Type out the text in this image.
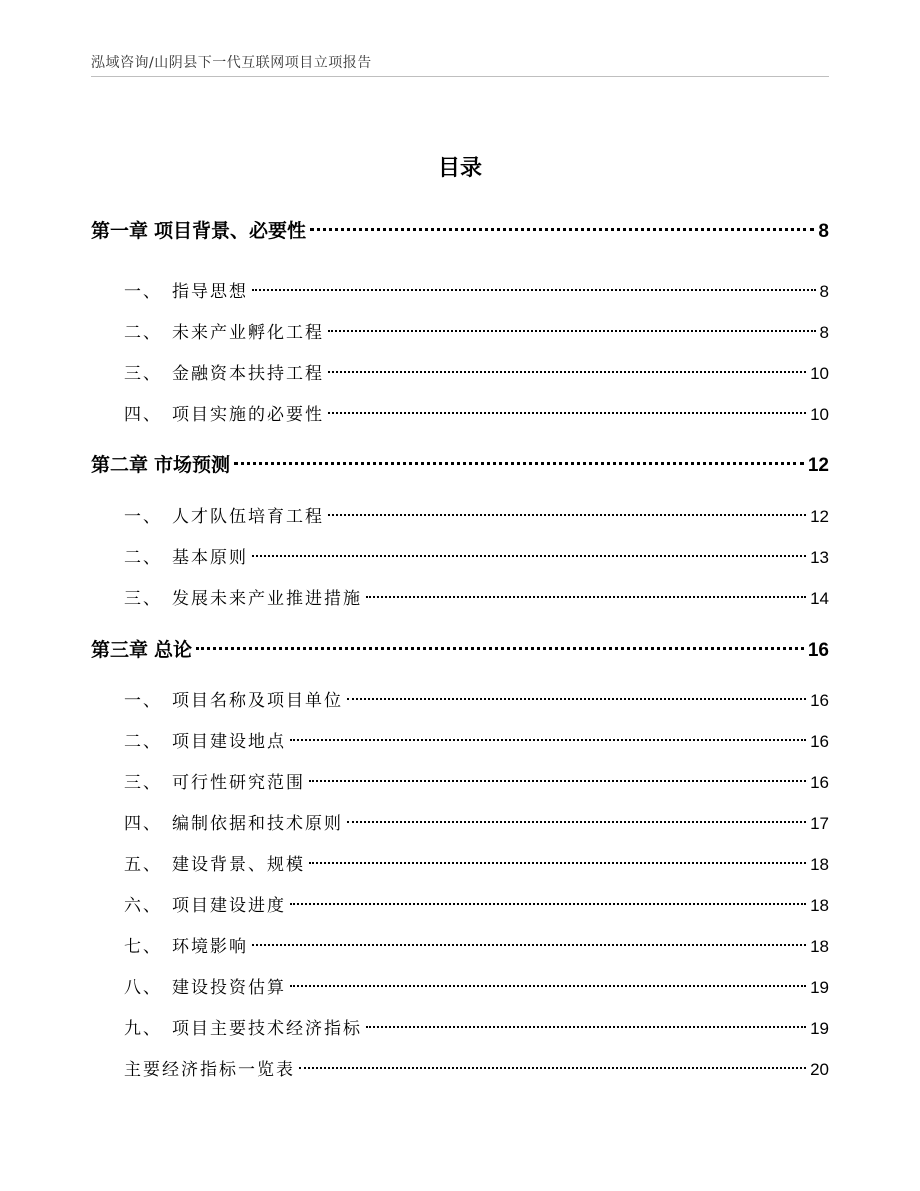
泓域咨询/山阴县下一代互联网项目立项报告
目录
第一章 项目背景、必要性	8
一、 指导思想	8
二、 未来产业孵化工程	8
三、 金融资本扶持工程	10
四、 项目实施的必要性	10
第二章 市场预测	12
一、 人才队伍培育工程	12
二、 基本原则	13
三、 发展未来产业推进措施	14
第三章 总论	16
一、 项目名称及项目单位	16
二、 项目建设地点	16
三、 可行性研究范围	16
四、 编制依据和技术原则	17
五、 建设背景、规模	18
六、 项目建设进度	18
七、 环境影响	18
八、 建设投资估算	19
九、 项目主要技术经济指标	19
主要经济指标一览表	20
